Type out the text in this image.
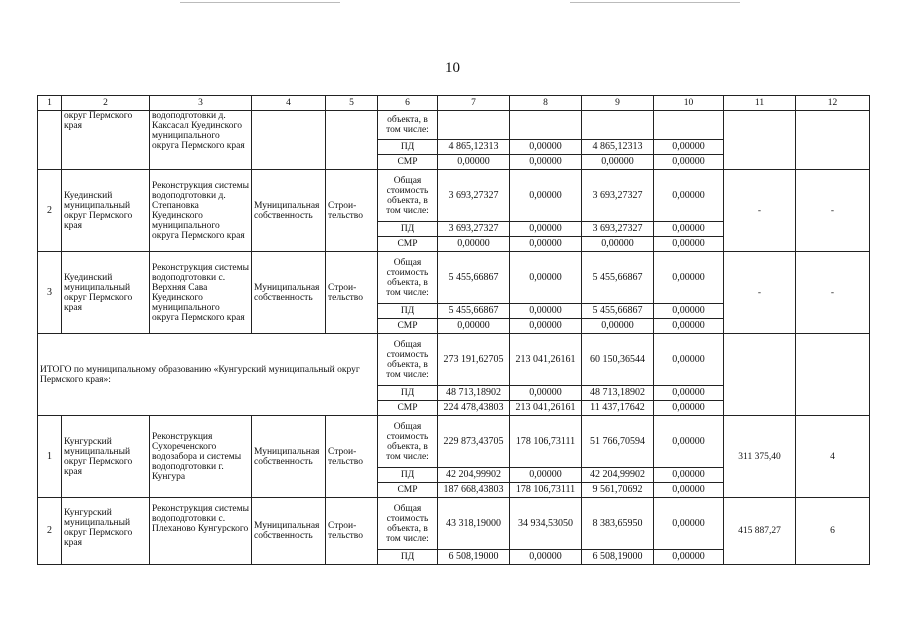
10
1	2	3	4	5	6	7	8	9	10	11	12
	округ Пермского края	водоподготовки д. Каксасал Куединского муниципального округа Пермского края			объекта, в том числе:						
					ПД	4 865,12313	0,00000	4 865,12313	0,00000		
					СМР	0,00000	0,00000	0,00000	0,00000		
2	Куединский муниципальный округ Пермского края	Реконструкция системы водоподготовки д. Степановка Куединского муниципального округа Пермского края	Муниципальная собственность	Строи-тельство	Общая стоимость объекта, в том числе:	3 693,27327	0,00000	3 693,27327	0,00000	-	-
					ПД	3 693,27327	0,00000	3 693,27327	0,00000		
					СМР	0,00000	0,00000	0,00000	0,00000		
3	Куединский муниципальный округ Пермского края	Реконструкция системы водоподготовки с. Верхняя Сава Куединского муниципального округа Пермского края	Муниципальная собственность	Строи-тельство	Общая стоимость объекта, в том числе:	5 455,66867	0,00000	5 455,66867	0,00000	-	-
					ПД	5 455,66867	0,00000	5 455,66867	0,00000		
					СМР	0,00000	0,00000	0,00000	0,00000		
ИТОГО по муниципальному образованию «Кунгурский муниципальный округ Пермского края»:					Общая стоимость объекта, в том числе:	273 191,62705	213 041,26161	60 150,36544	0,00000		
					ПД	48 713,18902	0,00000	48 713,18902	0,00000		
					СМР	224 478,43803	213 041,26161	11 437,17642	0,00000		
1	Кунгурский муниципальный округ Пермского края	Реконструкция Сухореченского водозабора и системы водоподготовки г. Кунгура	Муниципальная собственность	Строи-тельство	Общая стоимость объекта, в том числе:	229 873,43705	178 106,73111	51 766,70594	0,00000	311 375,40	4
					ПД	42 204,99902	0,00000	42 204,99902	0,00000		
					СМР	187 668,43803	178 106,73111	9 561,70692	0,00000		
2	Кунгурский муниципальный округ Пермского края	Реконструкция системы водоподготовки с. Плеханово Кунгурского	Муниципальная собственность	Строи-тельство	Общая стоимость объекта, в том числе:	43 318,19000	34 934,53050	8 383,65950	0,00000	415 887,27	6
					ПД	6 508,19000	0,00000	6 508,19000	0,00000		
